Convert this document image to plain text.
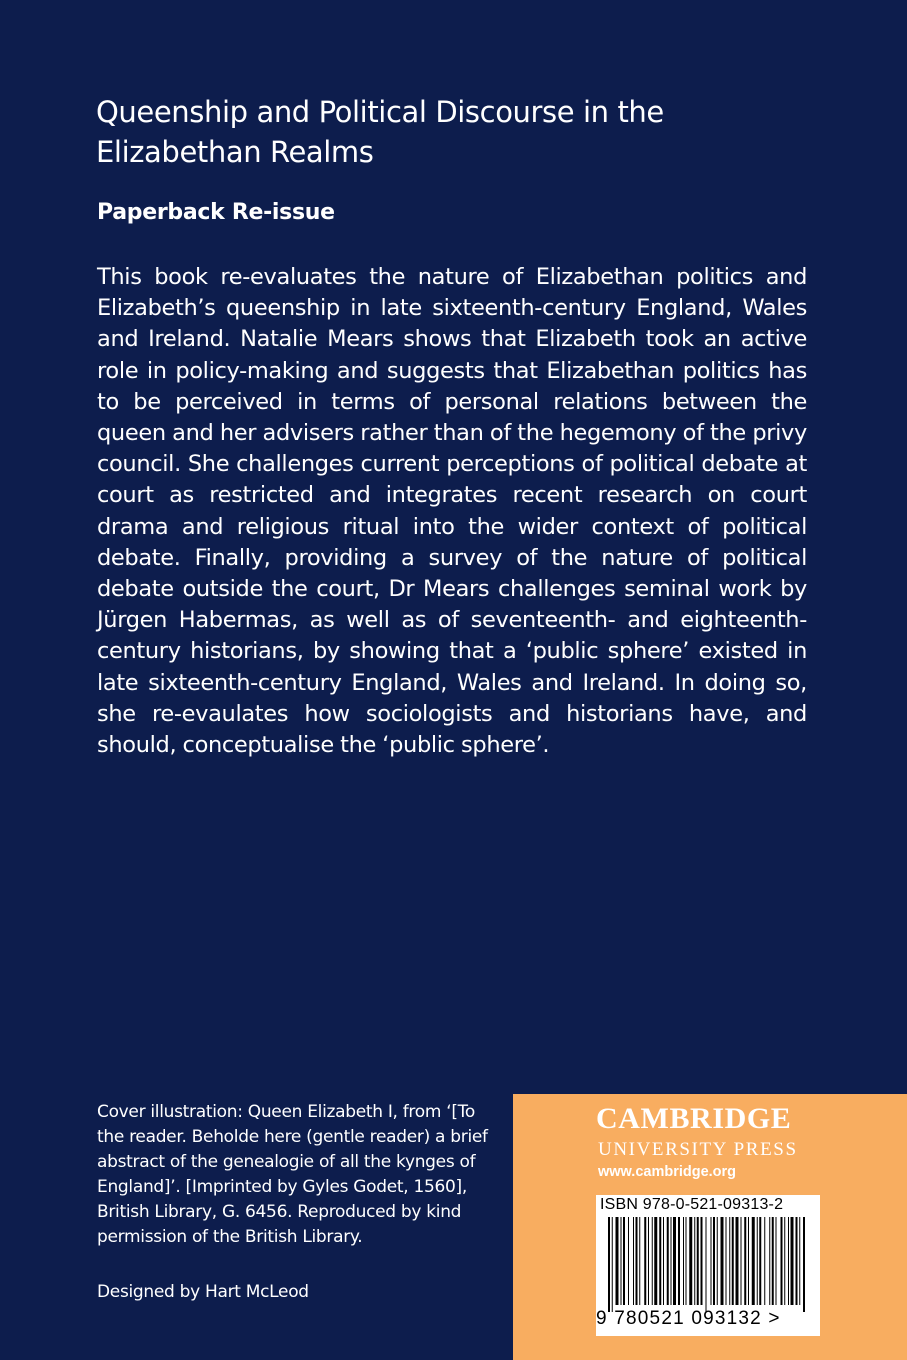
Queenship and Political Discourse in the Elizabethan Realms
Paperback Re-issue

This book re-evaluates the nature of Elizabethan politics and Elizabeth’s queenship in late sixteenth-century England, Wales and Ireland. Natalie Mears shows that Elizabeth took an active role in policy-making and suggests that Elizabethan politics has to be perceived in terms of personal relations between the queen and her advisers rather than of the hegemony of the privy council. She challenges current perceptions of political debate at court as restricted and integrates recent research on court drama and religious ritual into the wider context of political debate. Finally, providing a survey of the nature of political debate outside the court, Dr Mears challenges seminal work by Jürgen Habermas, as well as of seventeenth- and eighteenth-century historians, by showing that a ‘public sphere’ existed in late sixteenth-century England, Wales and Ireland. In doing so, she re-evaulates how sociologists and historians have, and should, conceptualise the ‘public sphere’.

Cover illustration: Queen Elizabeth I, from ‘[To the reader. Beholde here (gentle reader) a brief abstract of the genealogie of all the kynges of England]’. [Imprinted by Gyles Godet, 1560], British Library, G. 6456. Reproduced by kind permission of the British Library.

Designed by Hart McLeod

CAMBRIDGE

UNIVERSITY PRESS

www.cambridge.org

ISBN 978-0-521-09313-2

9 780521 093132 >
